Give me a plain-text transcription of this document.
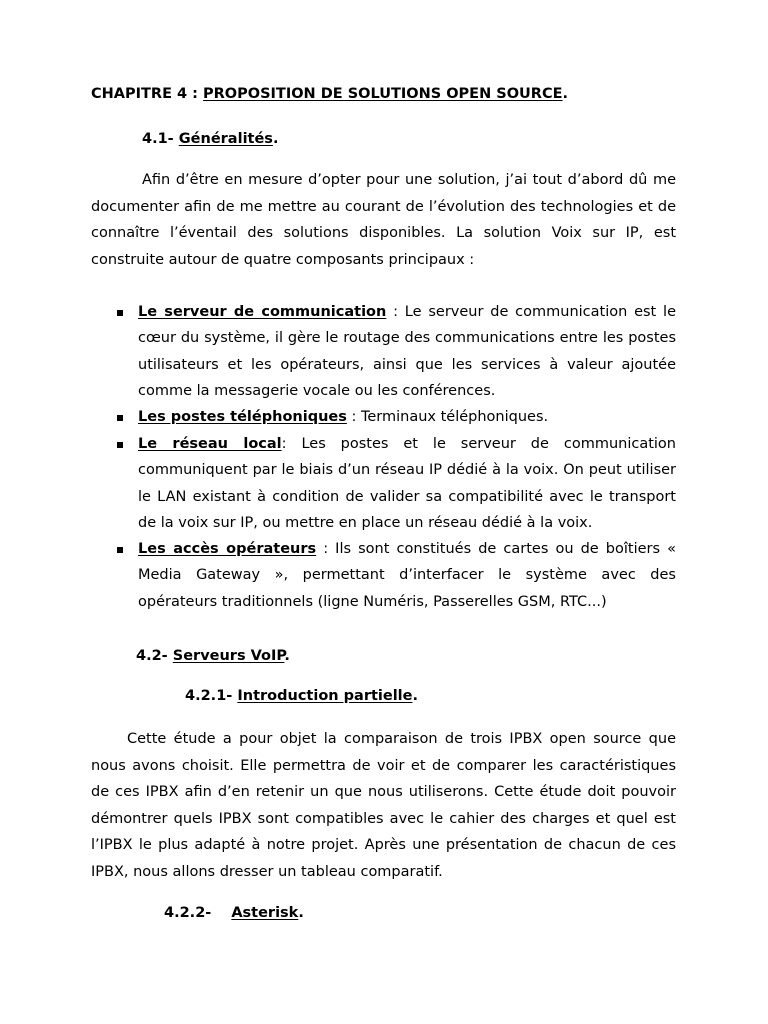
CHAPITRE 4 : PROPOSITION DE SOLUTIONS OPEN SOURCE.
4.1- Généralités.
Afin d’être en mesure d’opter pour une solution, j’ai tout d’abord dû me documenter afin de me mettre au courant de l’évolution des technologies et de connaître l’éventail des solutions disponibles. La solution Voix sur IP, est construite autour de quatre composants principaux :
Le serveur de communication : Le serveur de communication est le cœur du système, il gère le routage des communications entre les postes utilisateurs et les opérateurs, ainsi que les services à valeur ajoutée comme la messagerie vocale ou les conférences.
Les postes téléphoniques : Terminaux téléphoniques.
Le réseau local: Les postes et le serveur de communication communiquent par le biais d’un réseau IP dédié à la voix. On peut utiliser le LAN existant à condition de valider sa compatibilité avec le transport de la voix sur IP, ou mettre en place un réseau dédié à la voix.
Les accès opérateurs : Ils sont constitués de cartes ou de boîtiers « Media Gateway », permettant d’interfacer le système avec des opérateurs traditionnels (ligne Numéris, Passerelles GSM, RTC...)
4.2- Serveurs VoIP.
4.2.1- Introduction partielle.
Cette étude a pour objet la comparaison de trois IPBX open source que nous avons choisit. Elle permettra de voir et de comparer les caractéristiques de ces IPBX afin d’en retenir un que nous utiliserons. Cette étude doit pouvoir démontrer quels IPBX sont compatibles avec le cahier des charges et quel est l’IPBX le plus adapté à notre projet. Après une présentation de chacun de ces IPBX, nous allons dresser un tableau comparatif.
4.2.2- Asterisk.
